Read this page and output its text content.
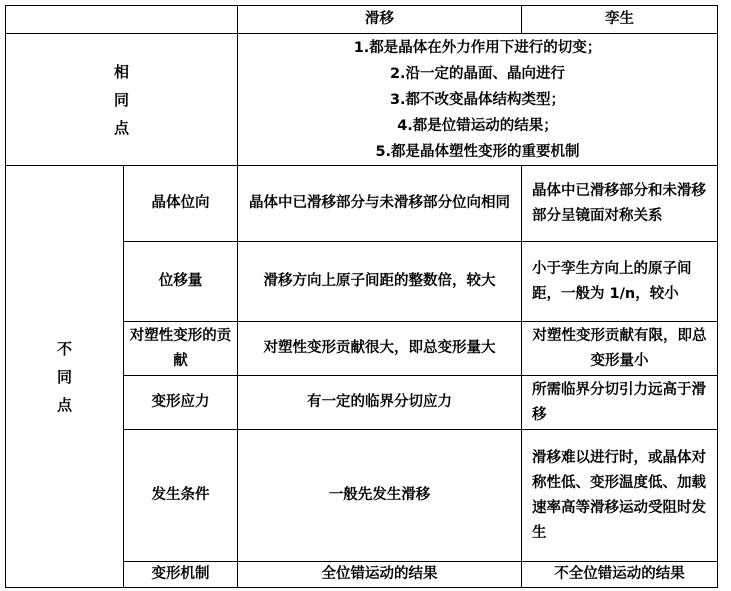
		滑移	孪生

相
同
点		1.都是晶体在外力作用下进行的切变；
2.沿一定的晶面、晶向进行
3.都不改变晶体结构类型；
4.都是位错运动的结果；
5.都是晶体塑性变形的重要机制	

不
同
点	晶体位向	晶体中已滑移部分与未滑移部分位向相同	晶体中已滑移部分和未滑移部分呈镜面对称关系
	位移量	滑移方向上原子间距的整数倍，较大	小于孪生方向上的原子间距，一般为 1/n，较小
	对塑性变形的贡献	对塑性变形贡献很大，即总变形量大	对塑性变形贡献有限，即总变形量小
	变形应力	有一定的临界分切应力	所需临界分切引力远高于滑移
	发生条件	一般先发生滑移	滑移难以进行时，或晶体对称性低、变形温度低、加载速率高等滑移运动受阻时发生
	变形机制	全位错运动的结果	不全位错运动的结果
